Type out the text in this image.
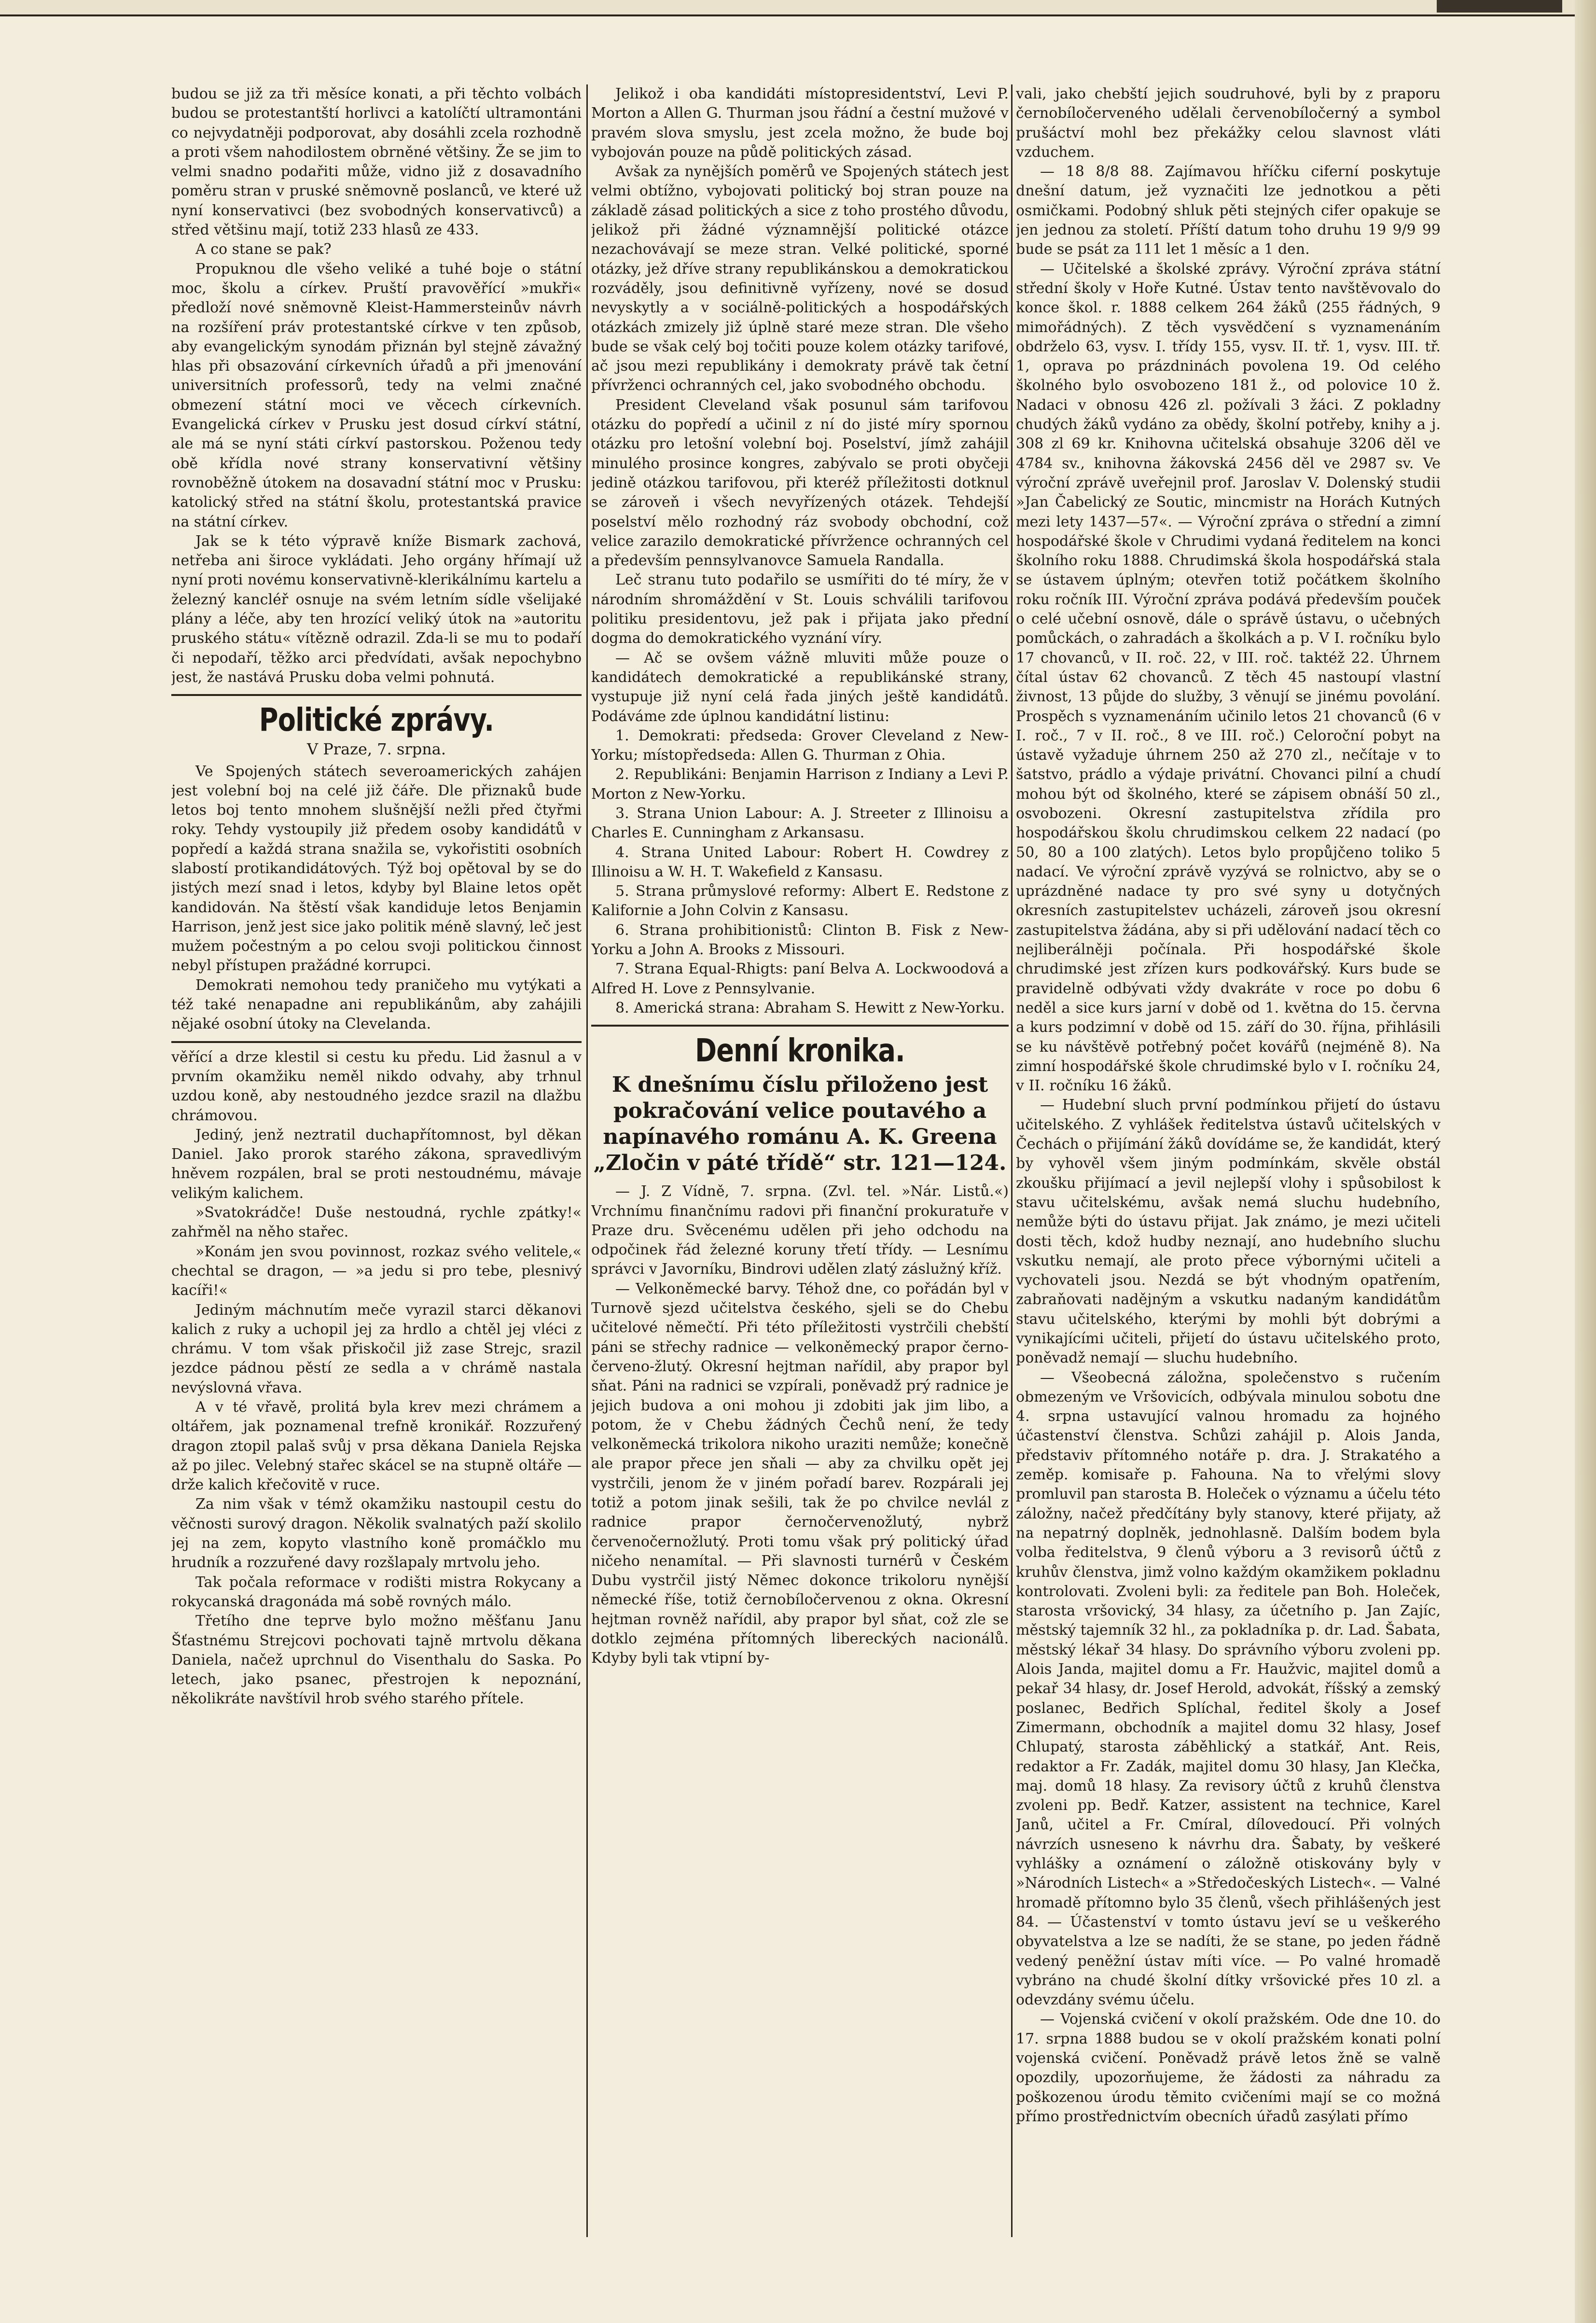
budou se již za tři měsíce konati, a při těchto volbách budou se protestantští horlivci a katolíčtí ultramontáni co nejvydatněji podporovat, aby dosáhli zcela rozhodně a proti všem nahodilostem obrněné většiny. Že se jim to velmi snadno podařiti může, vidno již z dosavadního poměru stran v pruské sněmovně poslanců, ve které už nyní konservativci (bez svobodných konservativců) a střed většinu mají, totiž 233 hlasů ze 433.

A co stane se pak?

Propuknou dle všeho veliké a tuhé boje o státní moc, školu a církev. Pruští pravověřící »mukři« předloží nové sněmovně Kleist-Hammersteinův návrh na rozšíření práv protestantské církve v ten způsob, aby evangelickým synodám přiznán byl stejně závažný hlas při obsazování církevních úřadů a při jmenování universitních professorů, tedy na velmi značné obmezení státní moci ve věcech církevních. Evangelická církev v Prusku jest dosud církví státní, ale má se nyní státi církví pastorskou. Poženou tedy obě křídla nové strany konservativní většiny rovnoběžně útokem na dosavadní státní moc v Prusku: katolický střed na státní školu, protestantská pravice na státní církev.

Jak se k této výpravě kníže Bismark zachová, netřeba ani široce vykládati. Jeho orgány hřímají už nyní proti novému konservativně-klerikálnímu kartelu a železný kancléř osnuje na svém letním sídle všelijaké plány a léče, aby ten hrozící veliký útok na »autoritu pruského státu« vítězně odrazil. Zda-li se mu to podaří či nepodaří, těžko arci předvídati, avšak nepochybno jest, že nastává Prusku doba velmi pohnutá.

Politické zprávy.
V Praze, 7. srpna.

Ve Spojených státech severoamerických zahájen jest volební boj na celé již čáře. Dle přiznaků bude letos boj tento mnohem slušnější nežli před čtyřmi roky. Tehdy vystoupily již předem osoby kandidátů v popředí a každá strana snažila se, vykořistiti osobních slabostí protikandidátových. Týž boj opětoval by se do jistých mezí snad i letos, kdyby byl Blaine letos opět kandidován. Na štěstí však kandiduje letos Benjamin Harrison, jenž jest sice jako politik méně slavný, leč jest mužem počestným a po celou svoji politickou činnost nebyl přístupen pražádné korrupci.

Demokrati nemohou tedy praničeho mu vytýkati a též také nenapadne ani republikánům, aby zahájili nějaké osobní útoky na Clevelanda.

věřící a drze klestil si cestu ku předu. Lid žasnul a v prvním okamžiku neměl nikdo odvahy, aby trhnul uzdou koně, aby nestoudného jezdce srazil na dlažbu chrámovou.

Jediný, jenž neztratil duchapřítomnost, byl děkan Daniel. Jako prorok starého zákona, spravedlivým hněvem rozpálen, bral se proti nestoudnému, mávaje velikým kalichem.

»Svatokrádče! Duše nestoudná, rychle zpátky!« zahřměl na něho stařec.

»Konám jen svou povinnost, rozkaz svého velitele,« chechtal se dragon, — »a jedu si pro tebe, plesnivý kacíři!«

Jediným máchnutím meče vyrazil starci děkanovi kalich z ruky a uchopil jej za hrdlo a chtěl jej vléci z chrámu. V tom však přiskočil již zase Strejc, srazil jezdce pádnou pěstí ze sedla a v chrámě nastala nevýslovná vřava.

A v té vřavě, prolitá byla krev mezi chrámem a oltářem, jak poznamenal trefně kronikář. Rozzuřený dragon ztopil palaš svůj v prsa děkana Daniela Rejska až po jilec. Velebný stařec skácel se na stupně oltáře — drže kalich křečovitě v ruce.

Za nim však v témž okamžiku nastoupil cestu do věčnosti surový dragon. Několik svalnatých paží skolilo jej na zem, kopyto vlastního koně promáčklo mu hrudník a rozzuřené davy rozšlapaly mrtvolu jeho.

Tak počala reformace v rodišti mistra Rokycany a rokycanská dragonáda má sobě rovných málo.

Třetího dne teprve bylo možno měšťanu Janu Šťastnému Strejcovi pochovati tajně mrtvolu děkana Daniela, načež uprchnul do Visenthalu do Saska. Po letech, jako psanec, přestrojen k nepoznání, několikráte navštívil hrob svého starého přítele.

Jelikož i oba kandidáti místopresidentství, Levi P. Morton a Allen G. Thurman jsou řádní a čestní mužové v pravém slova smyslu, jest zcela možno, že bude boj vybojován pouze na půdě politických zásad.

Avšak za nynějších poměrů ve Spojených státech jest velmi obtížno, vybojovati politický boj stran pouze na základě zásad politických a sice z toho prostého důvodu, jelikož při žádné významnější politické otázce nezachovávají se meze stran. Velké politické, sporné otázky, jež dříve strany republikánskou a demokratickou rozváděly, jsou definitivně vyřízeny, nové se dosud nevyskytly a v sociálně-politických a hospodářských otázkách zmizely již úplně staré meze stran. Dle všeho bude se však celý boj točiti pouze kolem otázky tarifové, ač jsou mezi republikány i demokraty právě tak četní přívrženci ochranných cel, jako svobodného obchodu.

President Cleveland však posunul sám tarifovou otázku do popředí a učinil z ní do jisté míry spornou otázku pro letošní volební boj. Poselství, jímž zahájil minulého prosince kongres, zabývalo se proti obyčeji jedině otázkou tarifovou, při kteréž příležitosti dotknul se zároveň i všech nevyřízených otázek. Tehdejší poselství mělo rozhodný ráz svobody obchodní, což velice zarazilo demokratické přívržence ochranných cel a především pennsylvanovce Samuela Randalla.

Leč stranu tuto podařilo se usmířiti do té míry, že v národním shromáždění v St. Louis schválili tarifovou politiku presidentovu, jež pak i přijata jako přední dogma do demokratického vyznání víry.

— Ač se ovšem vážně mluviti může pouze o kandidátech demokratické a republikánské strany, vystupuje již nyní celá řada jiných ještě kandidátů. Podáváme zde úplnou kandidátní listinu:

1. Demokrati: předseda: Grover Cleveland z New-Yorku; místopředseda: Allen G. Thurman z Ohia.

2. Republikáni: Benjamin Harrison z Indiany a Levi P. Morton z New-Yorku.

3. Strana Union Labour: A. J. Streeter z Illinoisu a Charles E. Cunningham z Arkansasu.

4. Strana United Labour: Robert H. Cowdrey z Illinoisu a W. H. T. Wakefield z Kansasu.

5. Strana průmyslové reformy: Albert E. Redstone z Kalifornie a John Colvin z Kansasu.

6. Strana prohibitionistů: Clinton B. Fisk z New-Yorku a John A. Brooks z Missouri.

7. Strana Equal-Rhigts: paní Belva A. Lockwoodová a Alfred H. Love z Pennsylvanie.

8. Americká strana: Abraham S. Hewitt z New-Yorku.

Denní kronika.
K dnešnímu číslu přiloženo jest pokračování velice poutavého a napínavého románu A. K. Greena „Zločin v páté třídě“ str. 121—124.

— J. Z Vídně, 7. srpna. (Zvl. tel. »Nár. Listů.«) Vrchnímu finančnímu radovi při finanční prokuratuře v Praze dru. Svěcenému udělen při jeho odchodu na odpočinek řád železné koruny třetí třídy. — Lesnímu správci v Javorníku, Bindrovi udělen zlatý záslužný kříž.

— Velkoněmecké barvy. Téhož dne, co pořádán byl v Turnově sjezd učitelstva českého, sjeli se do Chebu učitelové němečtí. Při této příležitosti vystrčili chebští páni se střechy radnice — velkoněmecký prapor černo-červeno-žlutý. Okresní hejtman nařídil, aby prapor byl sňat. Páni na radnici se vzpírali, poněvadž prý radnice je jejich budova a oni mohou ji zdobiti jak jim libo, a potom, že v Chebu žádných Čechů není, že tedy velkoněmecká trikolora nikoho uraziti nemůže; konečně ale prapor přece jen sňali — aby za chvilku opět jej vystrčili, jenom že v jiném pořadí barev. Rozpárali jej totiž a potom jinak sešili, tak že po chvilce nevlál z radnice prapor černočervenožlutý, nybrž červenočernožlutý. Proti tomu však prý politický úřad ničeho nenamítal. — Při slavnosti turnérů v Českém Dubu vystrčil jistý Němec dokonce trikoloru nynější německé říše, totiž černobíločervenou z okna. Okresní hejtman rovněž nařídil, aby prapor byl sňat, což zle se dotklo zejména přítomných libereckých nacionálů. Kdyby byli tak vtipní by-

vali, jako chebští jejich soudruhové, byli by z praporu černobíločerveného udělali červenobíločerný a symbol prušáctví mohl bez překážky celou slavnost vláti vzduchem.

— 18 8/8 88. Zajímavou hříčku ciferní poskytuje dnešní datum, jež vyznačiti lze jednotkou a pěti osmičkami. Podobný shluk pěti stejných cifer opakuje se jen jednou za století. Příští datum toho druhu 19 9/9 99 bude se psát za 111 let 1 měsíc a 1 den.

— Učitelské a školské zprávy. Výroční zpráva státní střední školy v Hoře Kutné. Ústav tento navštěvovalo do konce škol. r. 1888 celkem 264 žáků (255 řádných, 9 mimořádných). Z těch vysvědčení s vyznamenáním obdrželo 63, vysv. I. třídy 155, vysv. II. tř. 1, vysv. III. tř. 1, oprava po prázdninách povolena 19. Od celého školného bylo osvobozeno 181 ž., od polovice 10 ž. Nadaci v obnosu 426 zl. požívali 3 žáci. Z pokladny chudých žáků vydáno za obědy, školní potřeby, knihy a j. 308 zl 69 kr. Knihovna učitelská obsahuje 3206 děl ve 4784 sv., knihovna žákovská 2456 děl ve 2987 sv. Ve výroční zprávě uveřejnil prof. Jaroslav V. Dolenský studii »Jan Čabelický ze Soutic, mincmistr na Horách Kutných mezi lety 1437—57«. — Výroční zpráva o střední a zimní hospodářské škole v Chrudimi vydaná ředitelem na konci školního roku 1888. Chrudimská škola hospodářská stala se ústavem úplným; otevřen totiž počátkem školního roku ročník III. Výroční zpráva podává především pouček o celé učební osnově, dále o správě ústavu, o učebných pomůckách, o zahradách a školkách a p. V I. ročníku bylo 17 chovanců, v II. roč. 22, v III. roč. taktéž 22. Úhrnem čítal ústav 62 chovanců. Z těch 45 nastoupí vlastní živnost, 13 půjde do služby, 3 věnují se jinému povolání. Prospěch s vyznamenáním učinilo letos 21 chovanců (6 v I. roč., 7 v II. roč., 8 ve III. roč.) Celoroční pobyt na ústavě vyžaduje úhrnem 250 až 270 zl., nečítaje v to šatstvo, prádlo a výdaje privátní. Chovanci pilní a chudí mohou být od školného, které se zápisem obnáší 50 zl., osvobozeni. Okresní zastupitelstva zřídila pro hospodářskou školu chrudimskou celkem 22 nadací (po 50, 80 a 100 zlatých). Letos bylo propůjčeno toliko 5 nadací. Ve výroční zprávě vyzývá se rolnictvo, aby se o uprázdněné nadace ty pro své syny u dotyčných okresních zastupitelstev ucházeli, zároveň jsou okresní zastupitelstva žádána, aby si při udělování nadací těch co nejliberálněji počínala. Při hospodářské škole chrudimské jest zřízen kurs podkovářský. Kurs bude se pravidelně odbývati vždy dvakráte v roce po dobu 6 neděl a sice kurs jarní v době od 1. května do 15. června a kurs podzimní v době od 15. září do 30. října, přihlásili se ku návštěvě potřebný počet kovářů (nejméně 8). Na zimní hospodářské škole chrudimské bylo v I. ročníku 24, v II. ročníku 16 žáků.

— Hudební sluch první podmínkou přijetí do ústavu učitelského. Z vyhlášek ředitelstva ústavů učitelských v Čechách o přijímání žáků dovídáme se, že kandidát, který by vyhověl všem jiným podmínkám, skvěle obstál zkoušku přijímací a jevil nejlepší vlohy i spůsobilost k stavu učitelskému, avšak nemá sluchu hudebního, nemůže býti do ústavu přijat. Jak známo, je mezi učiteli dosti těch, kdož hudby neznají, ano hudebního sluchu vskutku nemají, ale proto přece výbornými učiteli a vychovateli jsou. Nezdá se být vhodným opatřením, zabraňovati nadějným a vskutku nadaným kandidátům stavu učitelského, kterými by mohli být dobrými a vynikajícími učiteli, přijetí do ústavu učitelského proto, poněvadž nemají — sluchu hudebního.

— Všeobecná záložna, společenstvo s ručením obmezeným ve Vršovicích, odbývala minulou sobotu dne 4. srpna ustavující valnou hromadu za hojného účastenství členstva. Schůzi zahájil p. Alois Janda, představiv přítomného notáře p. dra. J. Strakatého a zeměp. komisaře p. Fahouna. Na to vřelými slovy promluvil pan starosta B. Holeček o významu a účelu této záložny, načež předčítány byly stanovy, které přijaty, až na nepatrný doplněk, jednohlasně. Dalším bodem byla volba ředitelstva, 9 členů výboru a 3 revisorů účtů z kruhův členstva, jimž volno každým okamžikem pokladnu kontrolovati. Zvoleni byli: za ředitele pan Boh. Holeček, starosta vršovický, 34 hlasy, za účetního p. Jan Zajíc, městský tajemník 32 hl., za pokladníka p. dr. Lad. Šabata, městský lékař 34 hlasy. Do správního výboru zvoleni pp. Alois Janda, majitel domu a Fr. Haužvic, majitel domů a pekař 34 hlasy, dr. Josef Herold, advokát, říšský a zemský poslanec, Bedřich Splíchal, ředitel školy a Josef Zimermann, obchodník a majitel domu 32 hlasy, Josef Chlupatý, starosta záběhlický a statkář, Ant. Reis, redaktor a Fr. Zadák, majitel domu 30 hlasy, Jan Klečka, maj. domů 18 hlasy. Za revisory účtů z kruhů členstva zvoleni pp. Bedř. Katzer, assistent na technice, Karel Janů, učitel a Fr. Cmíral, dílovedoucí. Při volných návrzích usneseno k návrhu dra. Šabaty, by veškeré vyhlášky a oznámení o záložně otiskovány byly v »Národních Listech« a »Středočeských Listech«. — Valné hromadě přítomno bylo 35 členů, všech přihlášených jest 84. — Účastenství v tomto ústavu jeví se u veškerého obyvatelstva a lze se nadíti, že se stane, po jeden řádně vedený peněžní ústav míti více. — Po valné hromadě vybráno na chudé školní dítky vršovické přes 10 zl. a odevzdány svému účelu.

— Vojenská cvičení v okolí pražském. Ode dne 10. do 17. srpna 1888 budou se v okolí pražském konati polní vojenská cvičení. Poněvadž právě letos žně se valně opozdily, upozorňujeme, že žádosti za náhradu za poškozenou úrodu těmito cvičeními mají se co možná přímo prostřednictvím obecních úřadů zasýlati přímo
